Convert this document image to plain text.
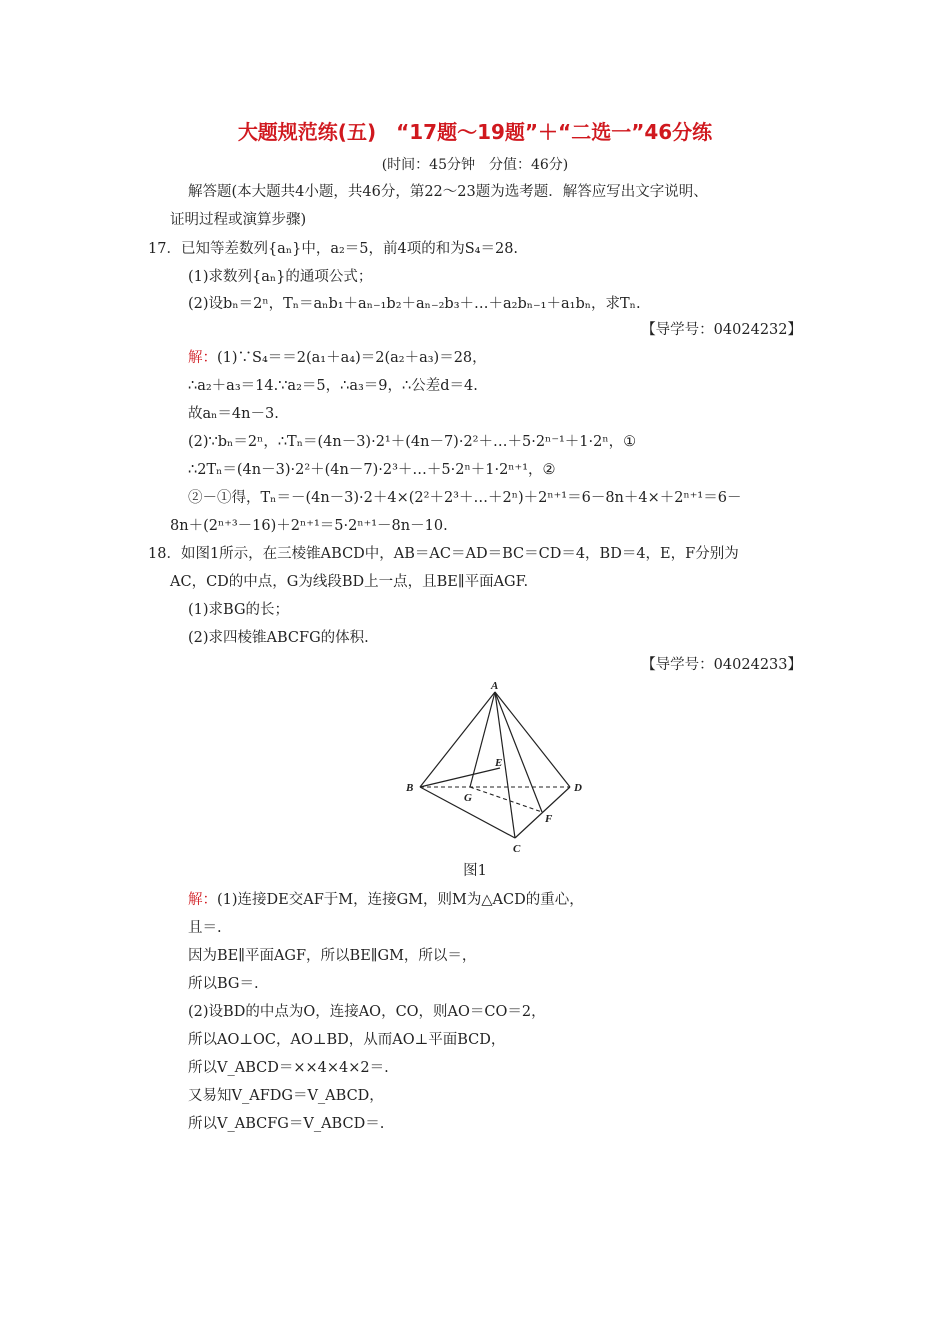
大题规范练(五)　“17题～19题”＋“二选一”46分练
(时间：45分钟　分值：46分)
解答题(本大题共4小题，共46分，第22～23题为选考题．解答应写出文字说明、
证明过程或演算步骤)
17．已知等差数列{aₙ}中，a₂＝5，前4项的和为S₄＝28.
(1)求数列{aₙ}的通项公式；
(2)设bₙ＝2ⁿ，Tₙ＝aₙb₁＋aₙ₋₁b₂＋aₙ₋₂b₃＋…＋a₂bₙ₋₁＋a₁bₙ，求Tₙ.
【导学号：04024232】
解：(1)∵S₄＝＝2(a₁＋a₄)＝2(a₂＋a₃)＝28，
∴a₂＋a₃＝14.∵a₂＝5，∴a₃＝9，∴公差d＝4.
故aₙ＝4n－3.
(2)∵bₙ＝2ⁿ，∴Tₙ＝(4n－3)·2¹＋(4n－7)·2²＋…＋5·2ⁿ⁻¹＋1·2ⁿ，①
∴2Tₙ＝(4n－3)·2²＋(4n－7)·2³＋…＋5·2ⁿ＋1·2ⁿ⁺¹，②
②－①得，Tₙ＝－(4n－3)·2＋4×(2²＋2³＋…＋2ⁿ)＋2ⁿ⁺¹＝6－8n＋4×＋2ⁿ⁺¹＝6－
8n＋(2ⁿ⁺³－16)＋2ⁿ⁺¹＝5·2ⁿ⁺¹－8n－10.
18．如图1所示，在三棱锥ABCD中，AB＝AC＝AD＝BC＝CD＝4，BD＝4，E，F分别为
AC，CD的中点，G为线段BD上一点，且BE∥平面AGF.
(1)求BG的长；
(2)求四棱锥ABCFG的体积.
【导学号：04024233】
A
B
C
D
E
F
G
图1
解：(1)连接DE交AF于M，连接GM，则M为△ACD的重心，
且＝.
因为BE∥平面AGF，所以BE∥GM，所以＝，
所以BG＝.
(2)设BD的中点为O，连接AO，CO，则AO＝CO＝2，
所以AO⊥OC，AO⊥BD，从而AO⊥平面BCD，
所以V_ABCD＝××4×4×2＝.
又易知V_AFDG＝V_ABCD，
所以V_ABCFG＝V_ABCD＝.
